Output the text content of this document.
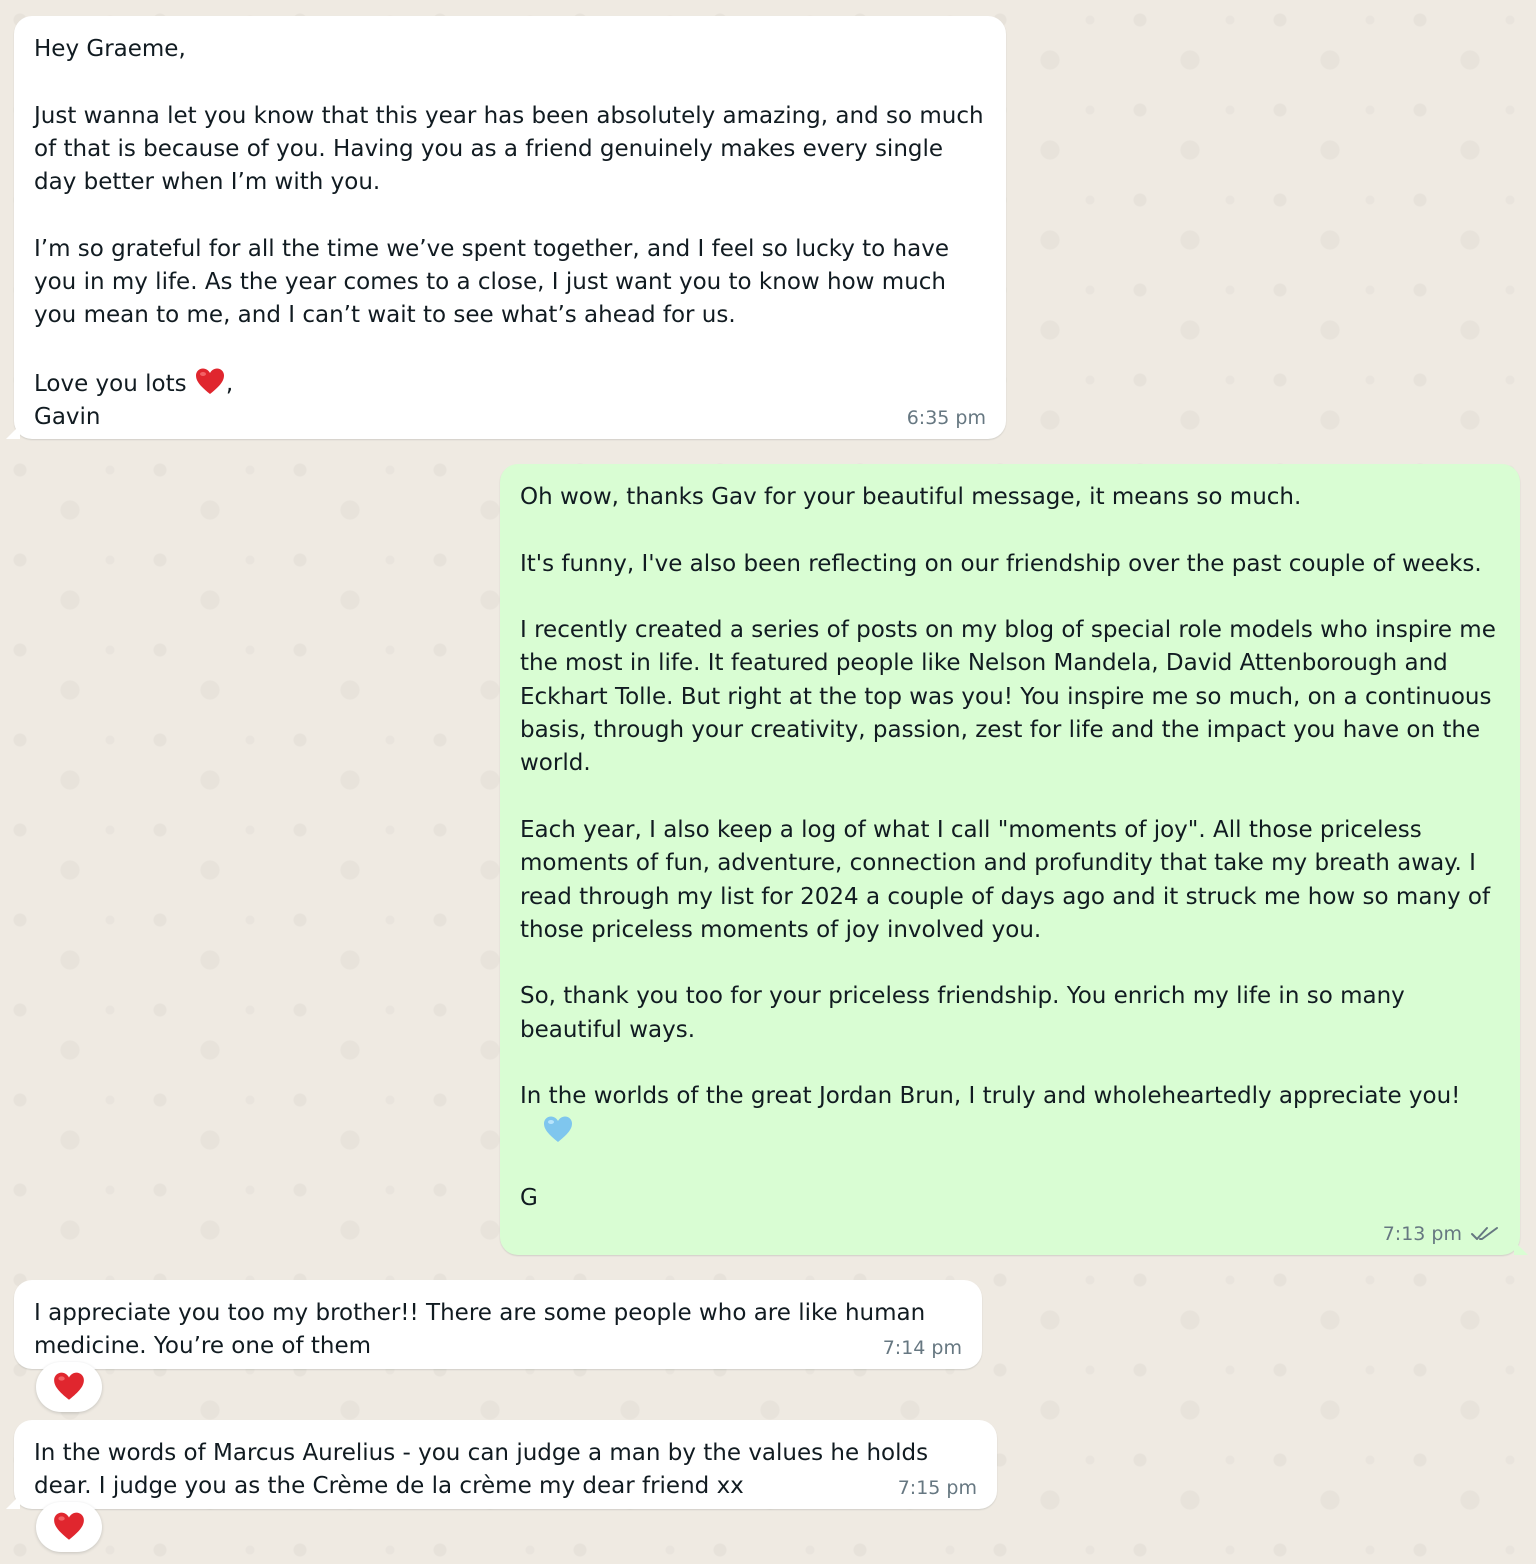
Hey Graeme,

Just wanna let you know that this year has been absolutely amazing, and so much of that is because of you. Having you as a friend genuinely makes every single day better when I’m with you.

I’m so grateful for all the time we’ve spent together, and I feel so lucky to have you in my life. As the year comes to a close, I just want you to know how much you mean to me, and I can’t wait to see what’s ahead for us.

Love you lots ,
Gavin	6:35 pm
Oh wow, thanks Gav for your beautiful message, it means so much.

It's funny, I've also been reflecting on our friendship over the past couple of weeks.

I recently created a series of posts on my blog of special role models who inspire me the most in life. It featured people like Nelson Mandela, David Attenborough and Eckhart Tolle. But right at the top was you! You inspire me so much, on a continuous basis, through your creativity, passion, zest for life and the impact you have on the world.

Each year, I also keep a log of what I call "moments of joy". All those priceless moments of fun, adventure, connection and profundity that take my breath away. I read through my list for 2024 a couple of days ago and it struck me how so many of those priceless moments of joy involved you.

So, thank you too for your priceless friendship. You enrich my life in so many beautiful ways.

In the worlds of the great Jordan Brun, I truly and wholeheartedly appreciate you!

G
7:13 pm
I appreciate you too my brother!! There are some people who are like human medicine. You’re one of them	7:14 pm
In the words of Marcus Aurelius - you can judge a man by the values he holds dear. I judge you as the Crème de la crème my dear friend xx	7:15 pm
